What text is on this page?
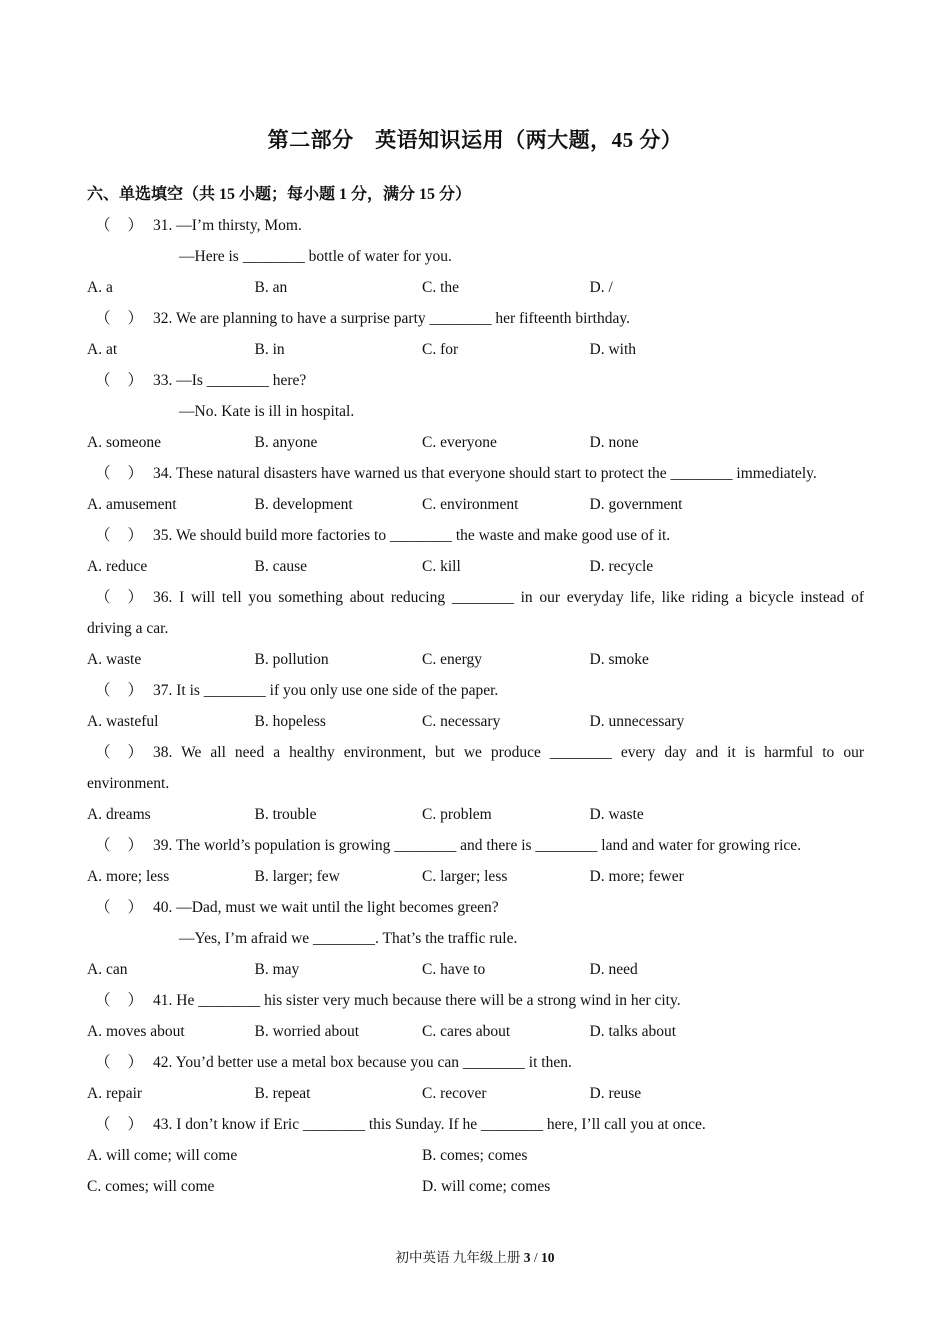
第二部分　英语知识运用（两大题，45 分）
六、单选填空（共 15 小题；每小题 1 分，满分 15 分）
（ ） 31. —I’m thirsty, Mom.
—Here is ________ bottle of water for you.
A. a	B. an	C. the	D. /
（ ） 32. We are planning to have a surprise party ________ her fifteenth birthday.
A. at	B. in	C. for	D. with
（ ） 33. —Is ________ here?
—No. Kate is ill in hospital.
A. someone	B. anyone	C. everyone	D. none
（ ） 34. These natural disasters have warned us that everyone should start to protect the ________ immediately.
A. amusement	B. development	C. environment	D. government
（ ） 35. We should build more factories to ________ the waste and make good use of it.
A. reduce	B. cause	C. kill	D. recycle
（ ） 36. I will tell you something about reducing ________ in our everyday life, like riding a bicycle instead of
driving a car.
A. waste	B. pollution	C. energy	D. smoke
（ ） 37. It is ________ if you only use one side of the paper.
A. wasteful	B. hopeless	C. necessary	D. unnecessary
（ ） 38. We all need a healthy environment, but we produce ________ every day and it is harmful to our
environment.
A. dreams	B. trouble	C. problem	D. waste
（ ） 39. The world’s population is growing ________ and there is ________ land and water for growing rice.
A. more; less	B. larger; few	C. larger; less	D. more; fewer
（ ） 40. —Dad, must we wait until the light becomes green?
—Yes, I’m afraid we ________. That’s the traffic rule.
A. can	B. may	C. have to	D. need
（ ） 41. He ________ his sister very much because there will be a strong wind in her city.
A. moves about	B. worried about	C. cares about	D. talks about
（ ） 42. You’d better use a metal box because you can ________ it then.
A. repair	B. repeat	C. recover	D. reuse
（ ） 43. I don’t know if Eric ________ this Sunday. If he ________ here, I’ll call you at once.
A. will come; will come	B. comes; comes
C. comes; will come	D. will come; comes
初中英语 九年级上册 3 / 10
